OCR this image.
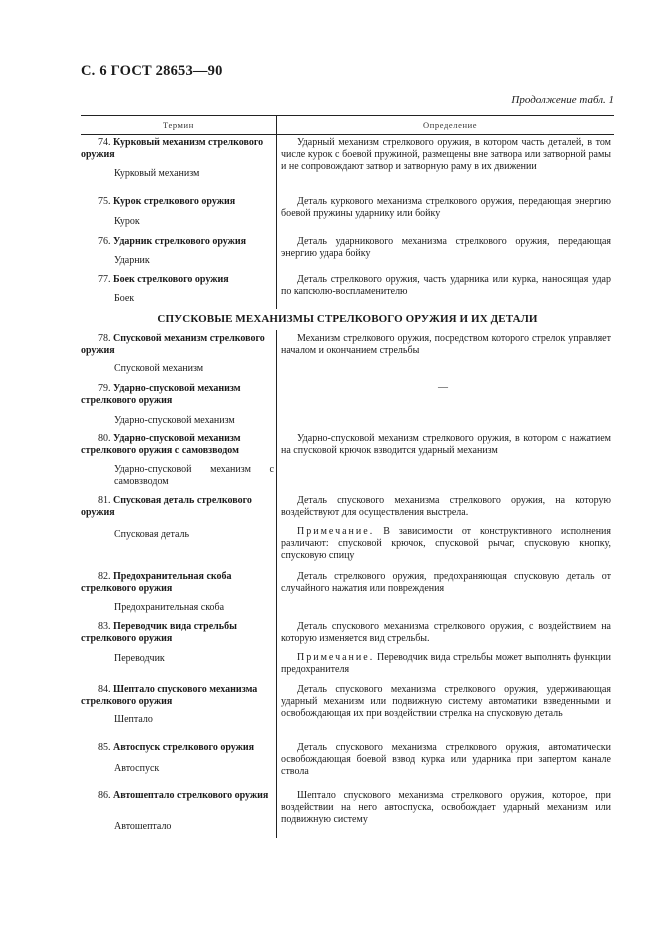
С. 6 ГОСТ 28653—90
Продолжение табл. 1
Термин	Определение
74. Курковый механизм стрелкового оружия
Курковый механизм
Ударный механизм стрелкового оружия, в котором часть деталей, в том числе курок с боевой пружиной, размещены вне затвора или затворной рамы и не сопровождают затвор и затворную раму в их движении
75. Курок стрелкового оружия
Курок
Деталь куркового механизма стрелкового оружия, передающая энергию боевой пружины ударнику или бойку
76. Ударник стрелкового оружия
Ударник
Деталь ударникового механизма стрелкового оружия, передающая энергию удара бойку
77. Боек стрелкового оружия
Боек
Деталь стрелкового оружия, часть ударника или курка, наносящая удар по капсюлю-воспламенителю
СПУСКОВЫЕ МЕХАНИЗМЫ СТРЕЛКОВОГО ОРУЖИЯ И ИХ ДЕТАЛИ
78. Спусковой механизм стрелкового оружия
Спусковой механизм
Механизм стрелкового оружия, посредством которого стрелок управляет началом и окончанием стрельбы
79. Ударно-спусковой механизм стрелкового оружия
Ударно-спусковой механизм
—
80. Ударно-спусковой механизм стрелкового оружия с самовзводом
Ударно-спусковой механизм с самовзводом
Ударно-спусковой механизм стрелкового оружия, в котором с нажатием на спусковой крючок взводится ударный механизм
81. Спусковая деталь стрелкового оружия
Спусковая деталь
Деталь спускового механизма стрелкового оружия, на которую воздействуют для осуществления выстрела.
Примечание. В зависимости от конструктивного исполнения различают: спусковой крючок, спусковой рычаг, спусковую кнопку, спусковую спицу
82. Предохранительная скоба стрелкового оружия
Предохранительная скоба
Деталь стрелкового оружия, предохраняющая спусковую деталь от случайного нажатия или повреждения
83. Переводчик вида стрельбы стрелкового оружия
Переводчик
Деталь спускового механизма стрелкового оружия, с воздействием на которую изменяется вид стрельбы.
Примечание. Переводчик вида стрельбы может выполнять функции предохранителя
84. Шептало спускового механизма стрелкового оружия
Шептало
Деталь спускового механизма стрелкового оружия, удерживающая ударный механизм или подвижную систему автоматики взведенными и освобождающая их при воздействии стрелка на спусковую деталь
85. Автоспуск стрелкового оружия
Автоспуск
Деталь спускового механизма стрелкового оружия, автоматически освобождающая боевой взвод курка или ударника при запертом канале ствола
86. Автошептало стрелкового оружия
Автошептало
Шептало спускового механизма стрелкового оружия, которое, при воздействии на него автоспуска, освобождает ударный механизм или подвижную систему
